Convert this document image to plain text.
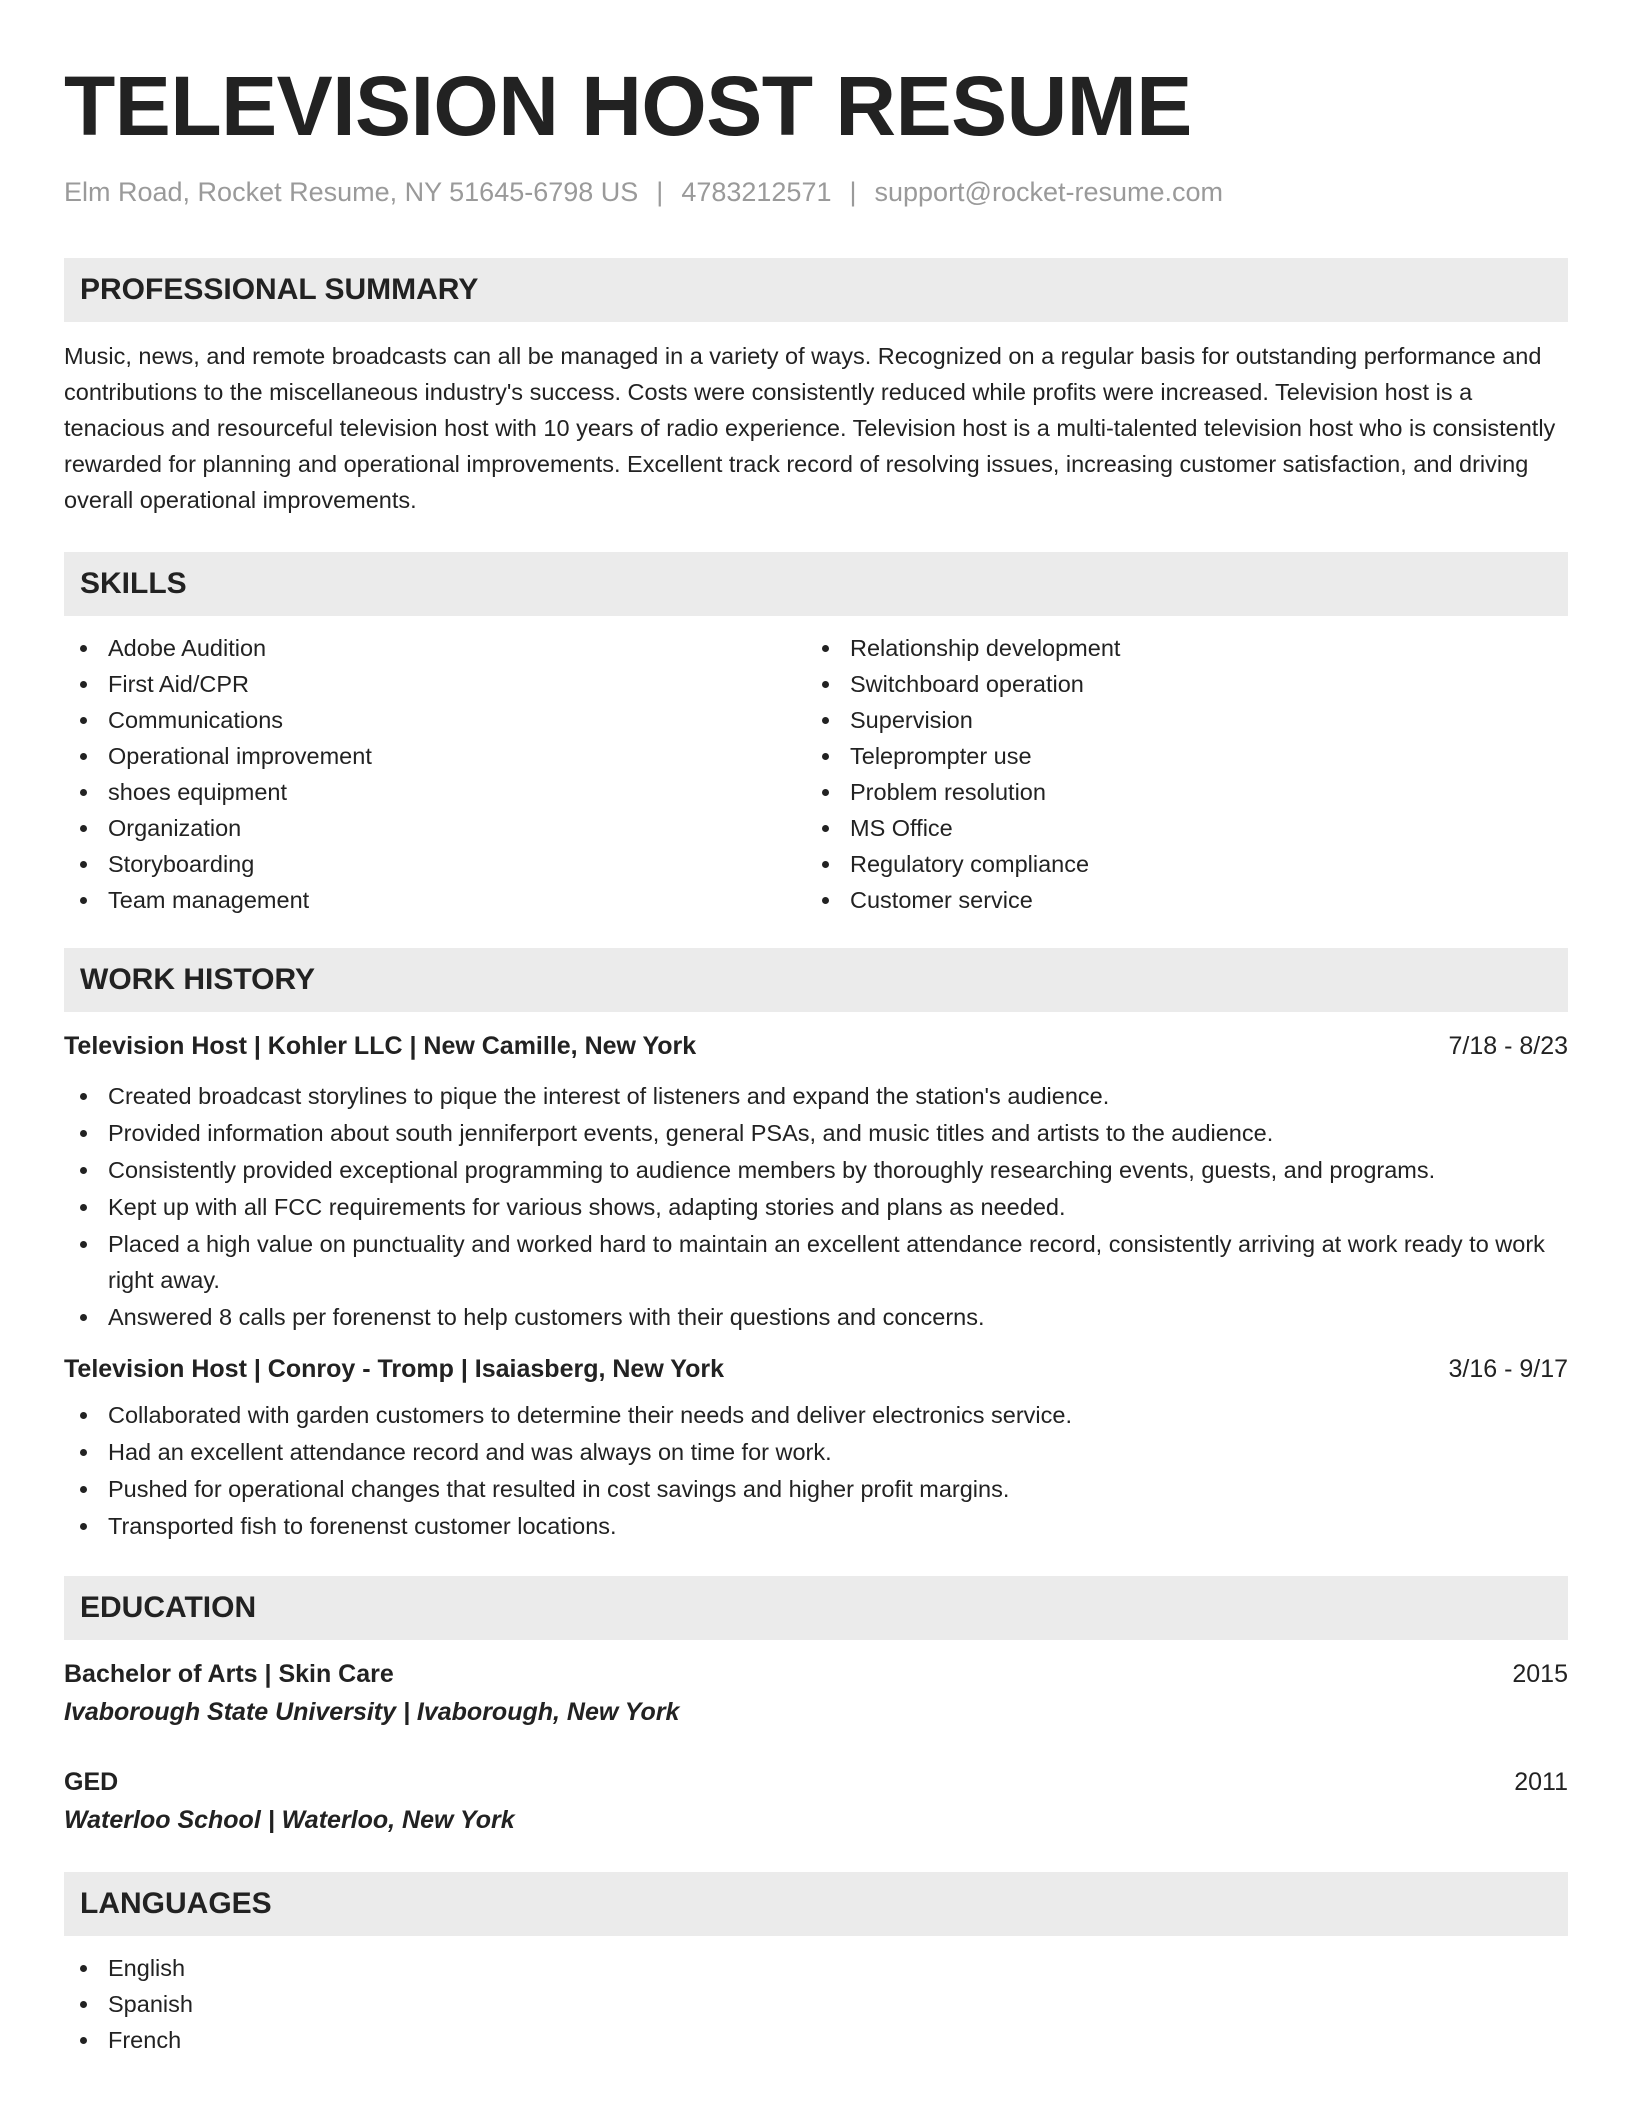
TELEVISION HOST RESUME
Elm Road, Rocket Resume, NY 51645-6798 US | 4783212571 | support@rocket-resume.com
PROFESSIONAL SUMMARY

Music, news, and remote broadcasts can all be managed in a variety of ways. Recognized on a regular basis for outstanding performance and contributions to the miscellaneous industry's success. Costs were consistently reduced while profits were increased. Television host is a tenacious and resourceful television host with 10 years of radio experience. Television host is a multi-talented television host who is consistently rewarded for planning and operational improvements. Excellent track record of resolving issues, increasing customer satisfaction, and driving overall operational improvements.

SKILLS
Adobe Audition
First Aid/CPR
Communications
Operational improvement
shoes equipment
Organization
Storyboarding
Team management
Relationship development
Switchboard operation
Supervision
Teleprompter use
Problem resolution
MS Office
Regulatory compliance
Customer service
WORK HISTORY
Television Host | Kohler LLC | New Camille, New York	7/18 - 8/23
Created broadcast storylines to pique the interest of listeners and expand the station's audience.
Provided information about south jenniferport events, general PSAs, and music titles and artists to the audience.
Consistently provided exceptional programming to audience members by thoroughly researching events, guests, and programs.
Kept up with all FCC requirements for various shows, adapting stories and plans as needed.
Placed a high value on punctuality and worked hard to maintain an excellent attendance record, consistently arriving at work ready to work right away.
Answered 8 calls per forenenst to help customers with their questions and concerns.
Television Host | Conroy - Tromp | Isaiasberg, New York	3/16 - 9/17
Collaborated with garden customers to determine their needs and deliver electronics service.
Had an excellent attendance record and was always on time for work.
Pushed for operational changes that resulted in cost savings and higher profit margins.
Transported fish to forenenst customer locations.
EDUCATION
Bachelor of Arts | Skin Care	2015
Ivaborough State University | Ivaborough, New York
GED	2011
Waterloo School | Waterloo, New York
LANGUAGES
English
Spanish
French
